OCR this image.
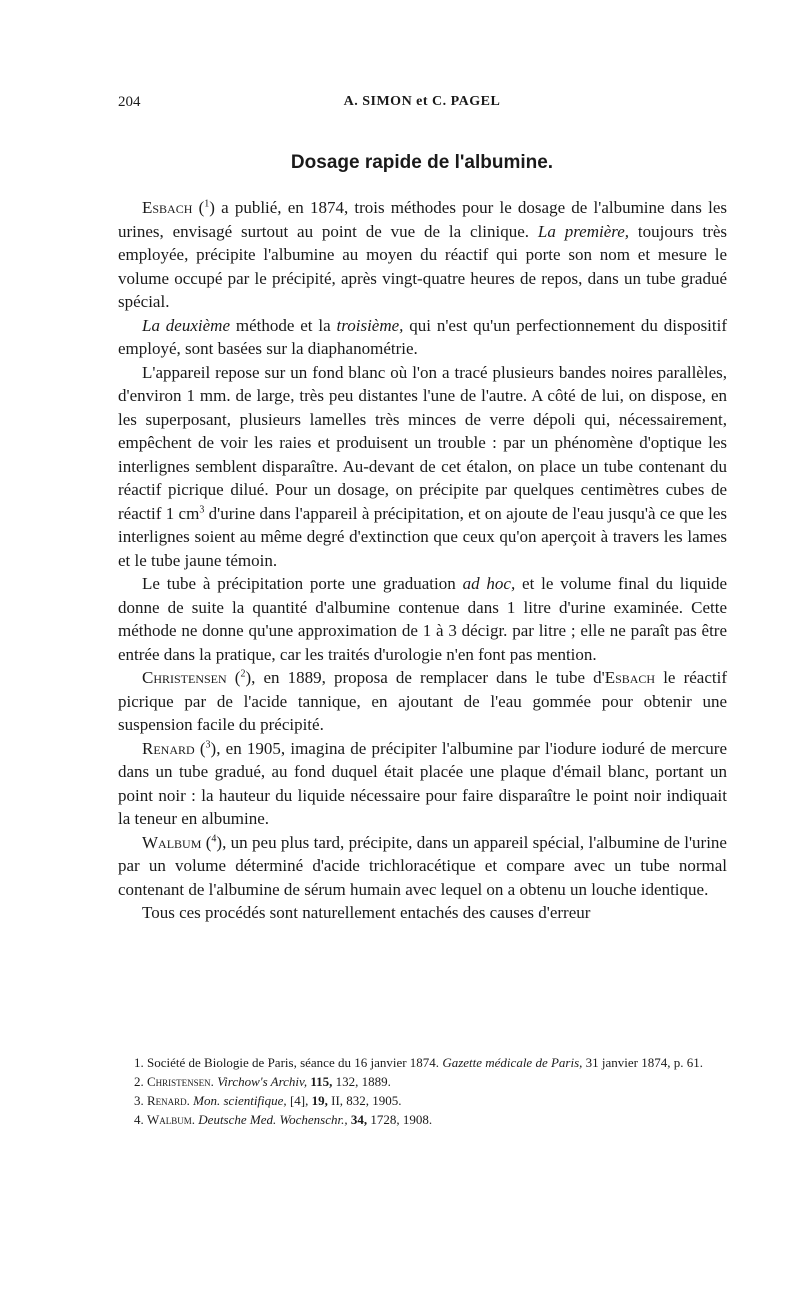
204	A. SIMON et C. PAGEL
Dosage rapide de l'albumine.

Esbach ($^1$) a publié, en 1874, trois méthodes pour le dosage de l'albumine dans les urines, envisagé surtout au point de vue de la clinique. La première, toujours très employée, précipite l'albumine au moyen du réactif qui porte son nom et mesure le volume occupé par le précipité, après vingt-quatre heures de repos, dans un tube gradué spécial.

La deuxième méthode et la troisième, qui n'est qu'un perfectionnement du dispositif employé, sont basées sur la diaphanométrie.

L'appareil repose sur un fond blanc où l'on a tracé plusieurs bandes noires parallèles, d'environ 1 mm. de large, très peu distantes l'une de l'autre. A côté de lui, on dispose, en les superposant, plusieurs lamelles très minces de verre dépoli qui, nécessairement, empêchent de voir les raies et produisent un trouble : par un phénomène d'optique les interlignes semblent disparaître. Au-devant de cet étalon, on place un tube contenant du réactif picrique dilué. Pour un dosage, on précipite par quelques centimètres cubes de réactif 1 $cm^3$ d'urine dans l'appareil à précipitation, et on ajoute de l'eau jusqu'à ce que les interlignes soient au même degré d'extinction que ceux qu'on aperçoit à travers les lames et le tube jaune témoin.

Le tube à précipitation porte une graduation ad hoc, et le volume final du liquide donne de suite la quantité d'albumine contenue dans 1 litre d'urine examinée. Cette méthode ne donne qu'une approximation de 1 à 3 décigr. par litre ; elle ne paraît pas être entrée dans la pratique, car les traités d'urologie n'en font pas mention.

Christensen ($^2$), en 1889, proposa de remplacer dans le tube d'Esbach le réactif picrique par de l'acide tannique, en ajoutant de l'eau gommée pour obtenir une suspension facile du précipité.

Renard ($^3$), en 1905, imagina de précipiter l'albumine par l'iodure ioduré de mercure dans un tube gradué, au fond duquel était placée une plaque d'émail blanc, portant un point noir : la hauteur du liquide nécessaire pour faire disparaître le point noir indiquait la teneur en albumine.

Walbum ($^4$), un peu plus tard, précipite, dans un appareil spécial, l'albumine de l'urine par un volume déterminé d'acide trichloracétique et compare avec un tube normal contenant de l'albumine de sérum humain avec lequel on a obtenu un louche identique.

Tous ces procédés sont naturellement entachés des causes d'erreur

1. Société de Biologie de Paris, séance du 16 janvier 1874. Gazette médicale de Paris, 31 janvier 1874, p. 61.

2. Christensen. Virchow's Archiv, 115, 132, 1889.

3. Renard. Mon. scientifique, [4], 19, II, 832, 1905.

4. Walbum. Deutsche Med. Wochenschr., 34, 1728, 1908.
